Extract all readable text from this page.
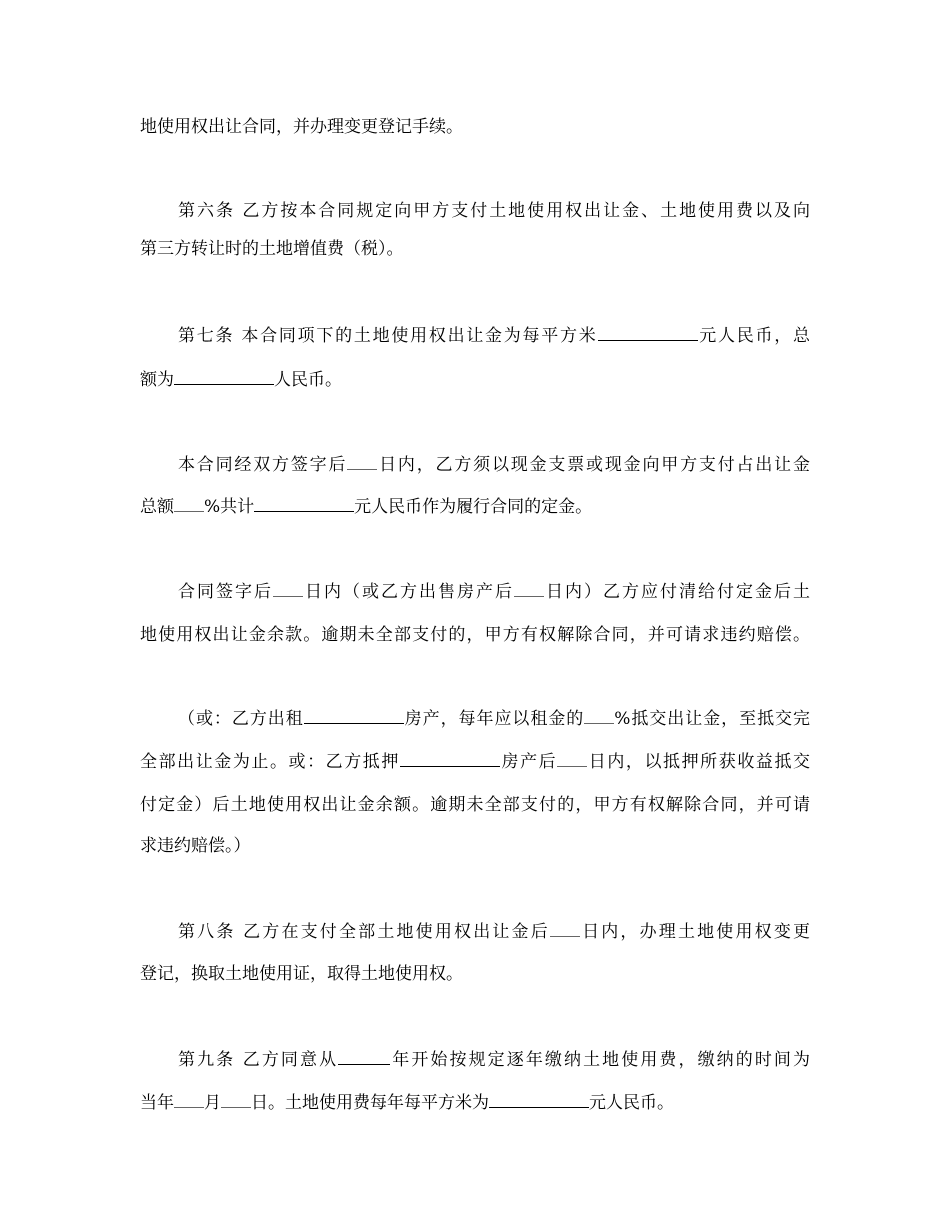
地使用权出让合同，并办理变更登记手续。
第六条 乙方按本合同规定向甲方支付土地使用权出让金、土地使用费以及向
第三方转让时的土地增值费（税）。
第七条 本合同项下的土地使用权出让金为每平方米	元人民币，总
额为	人民币。
本合同经双方签字后 日内，乙方须以现金支票或现金向甲方支付占出让金
总额 %共计	元人民币作为履行合同的定金。
合同签字后 日内（或乙方出售房产后 日内）乙方应付清给付定金后土
地使用权出让金余款。逾期未全部支付的，甲方有权解除合同，并可请求违约赔偿。
（或：乙方出租	房产，每年应以租金的 %抵交出让金，至抵交完
全部出让金为止。或：乙方抵押	房产后 日内，以抵押所获收益抵交
付定金）后土地使用权出让金余额。逾期未全部支付的，甲方有权解除合同，并可请
求违约赔偿。）
第八条 乙方在支付全部土地使用权出让金后 日内，办理土地使用权变更
登记，换取土地使用证，取得土地使用权。
第九条 乙方同意从	年开始按规定逐年缴纳土地使用费，缴纳的时间为
当年 月 日。土地使用费每年每平方米为	元人民币。
